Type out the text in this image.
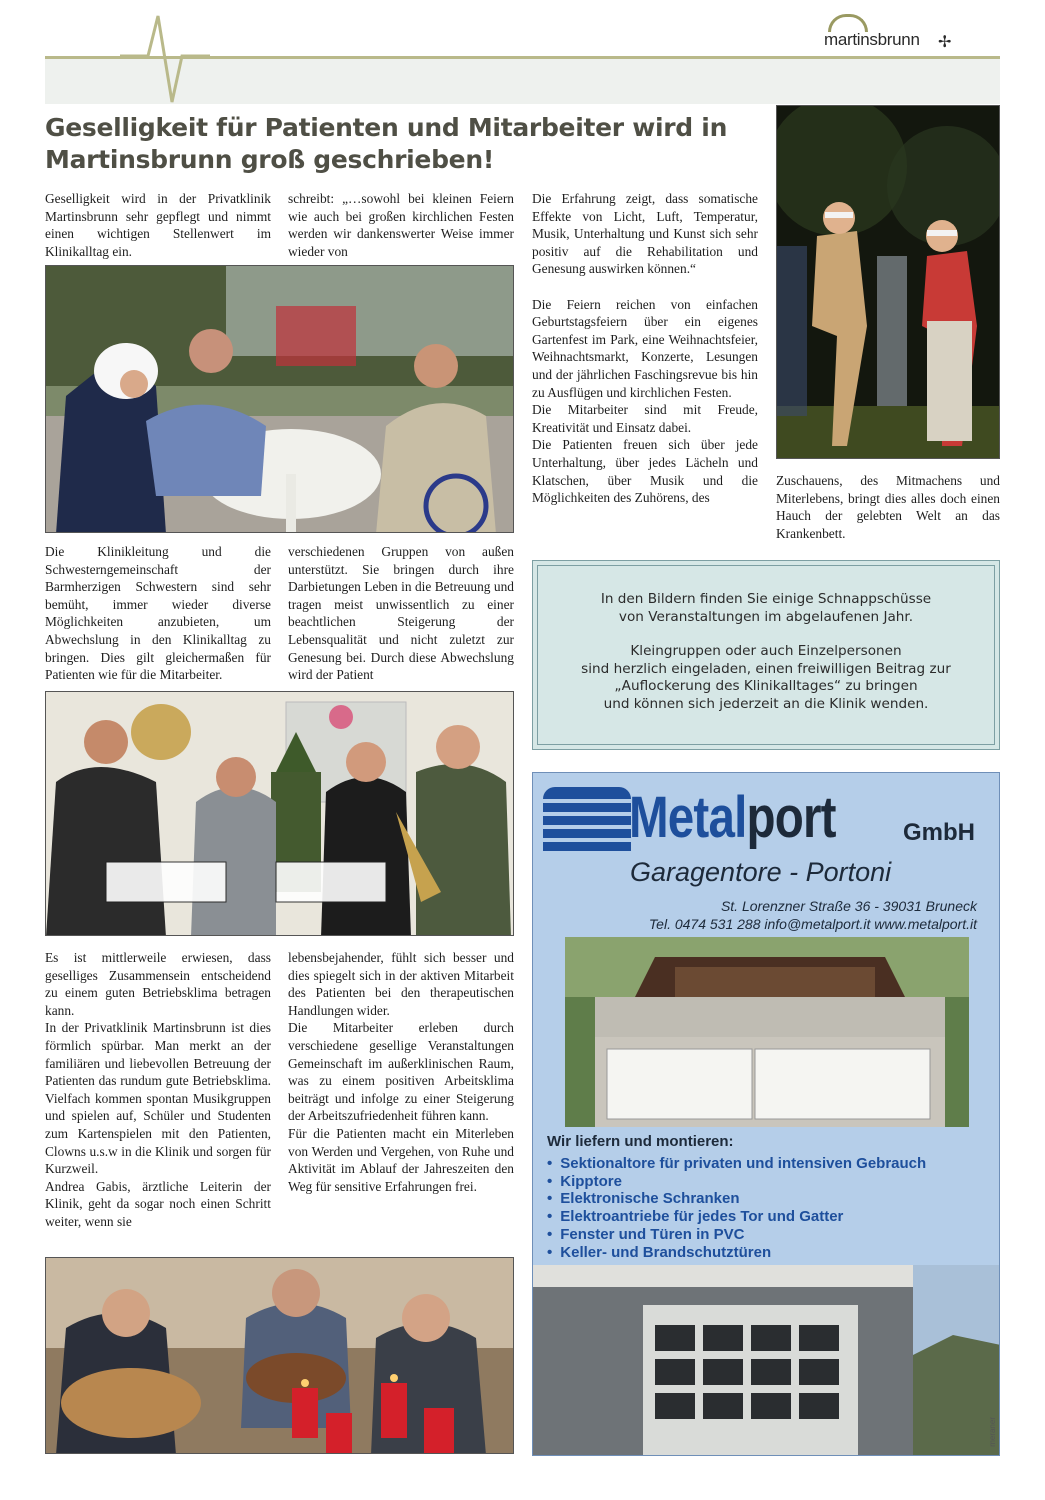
martinsbrunn ✢
Geselligkeit für Patienten und Mitarbeiter wird in Martinsbrunn groß geschrieben!

Geselligkeit wird in der Privatklinik Martinsbrunn sehr gepflegt und nimmt einen wichtigen Stellenwert im Klinikalltag ein.

schreibt: „…sowohl bei kleinen Feiern wie auch bei großen kirchlichen Festen werden wir dankenswerter Weise immer wieder von

Die Erfahrung zeigt, dass somatische Effekte von Licht, Luft, Temperatur, Musik, Unterhaltung und Kunst sich sehr positiv auf die Rehabilitation und Genesung auswirken können.“

Die Feiern reichen von einfachen Geburtstagsfeiern über ein eigenes Gartenfest im Park, eine Weihnachtsfeier, Weihnachtsmarkt, Konzerte, Lesungen und der jährlichen Faschingsrevue bis hin zu Ausflügen und kirchlichen Festen.

Die Mitarbeiter sind mit Freude, Kreativität und Einsatz dabei.

Die Patienten freuen sich über jede Unterhaltung, über jedes Lächeln und Klatschen, über Musik und die Möglichkeiten des Zuhörens, des

Zuschauens, des Mitmachens und Miterlebens, bringt dies alles doch einen Hauch der gelebten Welt an das Krankenbett.

Die Klinikleitung und die Schwesterngemeinschaft der Barmherzigen Schwestern sind sehr bemüht, immer wieder diverse Möglichkeiten anzubieten, um Abwechslung in den Klinikalltag zu bringen. Dies gilt gleichermaßen für Patienten wie für die Mitarbeiter.

verschiedenen Gruppen von außen unterstützt. Sie bringen durch ihre Darbietungen Leben in die Betreuung und tragen meist unwissentlich zu einer beachtlichen Steigerung der Lebensqualität und nicht zuletzt zur Genesung bei. Durch diese Abwechslung wird der Patient

In den Bildern finden Sie einige Schnappschüsse
von Veranstaltungen im abgelaufenen Jahr.

Kleingruppen oder auch Einzelpersonen
sind herzlich eingeladen, einen freiwilligen Beitrag zur
„Auflockerung des Klinikalltages“ zu bringen
und können sich jederzeit an die Klinik wenden.

Metalport	GmbH
Garagentore - Portoni
St. Lorenzner Straße 36 - 39031 Bruneck
Tel. 0474 531 288 info@metalport.it www.metalport.it
Wir liefern und montieren:
• Sektionaltore für privaten und intensiven Gebrauch
• Kipptore
• Elektronische Schranken
• Elektroantriebe für jedes Tor und Gatter
• Fenster und Türen in PVC
• Keller- und Brandschutztüren
meraner

Es ist mittlerweile erwiesen, dass geselliges Zusammensein entscheidend zu einem guten Betriebsklima betragen kann.

In der Privatklinik Martinsbrunn ist dies förmlich spürbar. Man merkt an der familiären und liebevollen Betreuung der Patienten das rundum gute Betriebsklima. Vielfach kommen spontan Musikgruppen und spielen auf, Schüler und Studenten zum Kartenspielen mit den Patienten, Clowns u.s.w in die Klinik und sorgen für Kurzweil.

Andrea Gabis, ärztliche Leiterin der Klinik, geht da sogar noch einen Schritt weiter, wenn sie

lebensbejahender, fühlt sich besser und dies spiegelt sich in der aktiven Mitarbeit des Patienten bei den therapeutischen Handlungen wider.

Die Mitarbeiter erleben durch verschiedene gesellige Veranstaltungen Gemeinschaft im außerklinischen Raum, was zu einem positiven Arbeitsklima beiträgt und infolge zu einer Steigerung der Arbeitszufriedenheit führen kann.

Für die Patienten macht ein Miterleben von Werden und Vergehen, von Ruhe und Aktivität im Ablauf der Jahreszeiten den Weg für sensitive Erfahrungen frei.
